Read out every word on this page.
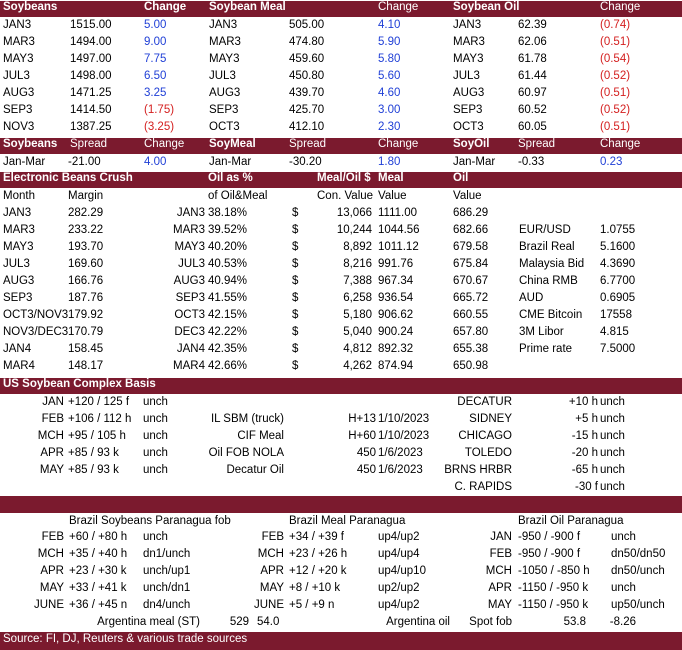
Soybeans	Change Soybean Meal	Change	Soybean Oil	Change
JAN3	1515.00	5.00	JAN3	505.00	4.10	JAN3	62.39	(0.74)
MAR3	1494.00	9.00	MAR3	474.80	5.90	MAR3	62.06	(0.51)
MAY3	1497.00	7.75	MAY3	459.60	5.80	MAY3	61.78	(0.54)
JUL3	1498.00	6.50	JUL3	450.80	5.60	JUL3	61.44	(0.52)
AUG3	1471.25	3.25	AUG3	439.70	4.60	AUG3	60.97	(0.51)
SEP3	1414.50	(1.75)	SEP3	425.70	3.00	SEP3	60.52	(0.52)
NOV3	1387.25	(3.25)	OCT3	412.10	2.30	OCT3	60.05	(0.51)
Soybeans Spread	Change SoyMeal	Spread	Change	SoyOil Spread	Change
Jan-Mar -21.00	4.00	Jan-Mar	-30.20	1.80	Jan-Mar -0.33	0.23
Electronic Beans Crush	Oil as %	Meal/Oil $ Meal	Oil
Month	Margin	of Oil&Meal	Con. Value Value	Value
JAN3	282.29	JAN3 38.18%	$	13,066 1111.00	686.29
MAR3	233.22	MAR3 39.52%	$	10,244 1044.56	682.66	EUR/USD	1.0755
MAY3	193.70	MAY3 40.20%	$	8,892 1011.12	679.58	Brazil Real 5.1600
JUL3	169.60	JUL3 40.53%	$	8,216 991.76	675.84	Malaysia Bid 4.3690
AUG3	166.76	AUG3 40.94%	$	7,388 967.34	670.67	China RMB 6.7700
SEP3	187.76	SEP3 41.55%	$	6,258 936.54	665.72	AUD	0.6905
OCT3/NOV3 179.92	OCT3 42.15%	$	5,180 906.62	660.55	CME Bitcoin 17558
NOV3/DEC3 170.79	DEC3 42.22%	$	5,040 900.24	657.80	3M Libor	4.815
JAN4	158.45	JAN4 42.35%	$	4,812 892.32	655.38	Prime rate 7.5000
MAR4	148.17	MAR4 42.66%	$	4,262 874.94	650.98
US Soybean Complex Basis
JAN +120 / 125 f unch	DECATUR	+10 h unch
FEB +106 / 112 h unch	IL SBM (truck)	H+13 1/10/2023	SIDNEY	+5 h unch
MCH +95 / 105 h unch	CIF Meal	H+60 1/10/2023	CHICAGO	-15 h unch
APR +85 / 93 k unch	Oil FOB NOLA	450 1/6/2023	TOLEDO	-20 h unch
MAY +85 / 93 k unch	Decatur Oil	450 1/6/2023	BRNS HRBR	-65 h unch
C. RAPIDS	-30 f unch
Brazil Soybeans Paranagua fob	Brazil Meal Paranagua	Brazil Oil Paranagua
FEB +60 / +80 h unch	FEB +34 / +39 f	up4/up2	JAN -950 / -900 f	unch
MCH +35 / +40 h dn1/unch	MCH +23 / +26 h	up4/up4	FEB -950 / -900 f	dn50/dn50
APR +23 / +30 k unch/up1	APR +12 / +20 k	up4/up10	MCH -1050 / -850 h dn50/unch
MAY +33 / +41 k unch/dn1	MAY +8 / +10 k	up2/up2	APR -1150 / -950 k unch
JUNE +36 / +45 n dn4/unch	JUNE +5 / +9 n	up4/up2	MAY -1150 / -950 k up50/unch
Argentina meal (ST)	529 54.0	Argentina oil	Spot fob	53.8	-8.26
Source: FI, DJ, Reuters & various trade sources
